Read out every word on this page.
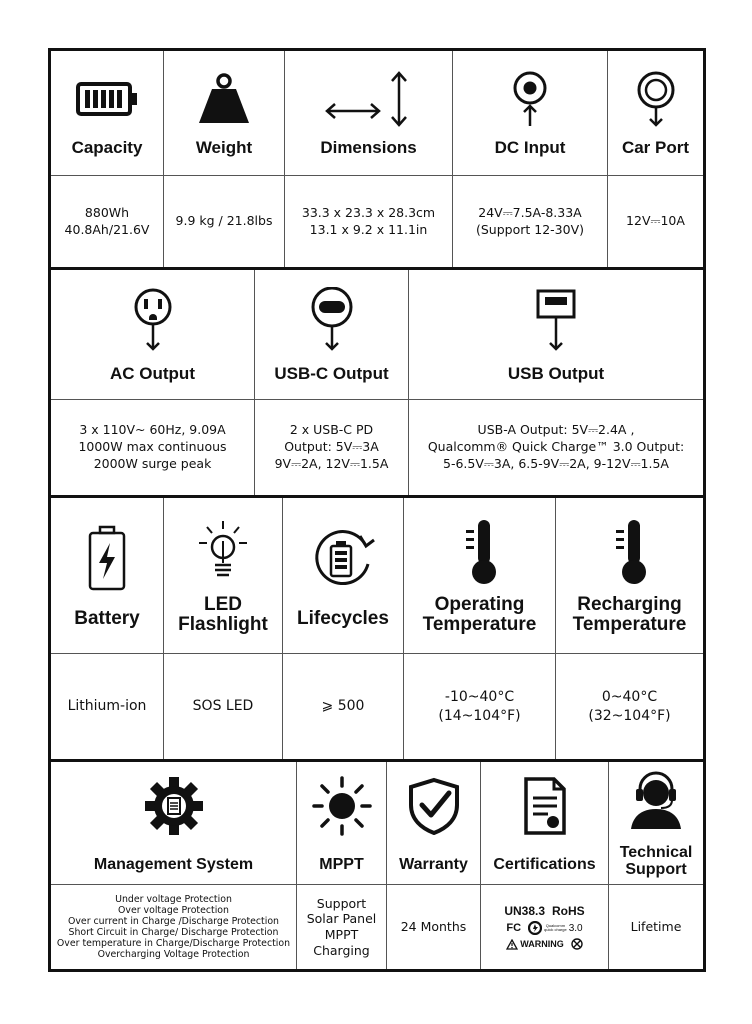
Capacity
880Wh
40.8Ah/21.6V
Weight
9.9 kg / 21.8lbs
Dimensions
33.3 x 23.3 x 28.3cm
13.1 x 9.2 x 11.1in
DC Input
24V⎓7.5A-8.33A
(Support 12-30V)
Car Port
12V⎓10A
AC Output
3 x 110V~ 60Hz, 9.09A
1000W max continuous
2000W surge peak
USB-C Output
2 x USB-C PD
Output: 5V⎓3A
9V⎓2A, 12V⎓1.5A
USB Output
USB-A Output: 5V⎓2.4A ,
Qualcomm® Quick Charge™ 3.0 Output:
5-6.5V⎓3A, 6.5-9V⎓2A, 9-12V⎓1.5A
Battery
Lithium-ion
LED
Flashlight
SOS LED
Lifecycles
⩾ 500
Operating
Temperature
-10~40°C
(14~104°F)
Recharging
Temperature
0~40°C
(32~104°F)
Management System
Under voltage Protection
Over voltage Protection
Over current in Charge /Discharge Protection
Short Circuit in Charge/ Discharge Protection
Over temperature in Charge/Discharge Protection
Overcharging Voltage Protection
MPPT
Support
Solar Panel
MPPT
Charging
Warranty
24 Months
Certifications
UN38.3 RoHS
FC	Qualcomm
quick charge 3.0
WARNING
Technical
Support
Lifetime
